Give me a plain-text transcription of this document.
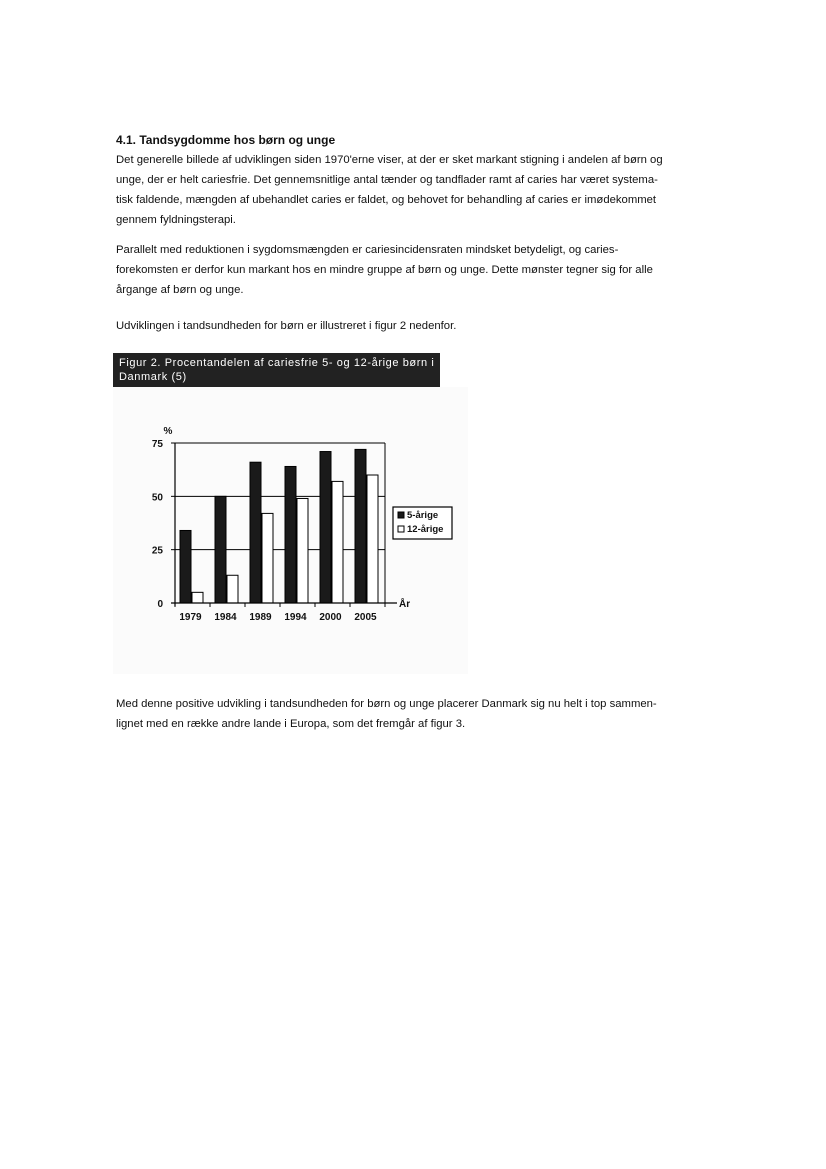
4.1. Tandsygdomme hos børn og unge

Det generelle billede af udviklingen siden 1970'erne viser, at der er sket markant stigning i andelen af børn og
unge, der er helt cariesfrie. Det gennemsnitlige antal tænder og tandflader ramt af caries har været systema-
tisk faldende, mængden af ubehandlet caries er faldet, og behovet for behandling af caries er imødekommet
gennem fyldningsterapi.

Parallelt med reduktionen i sygdomsmængden er cariesincidensraten mindsket betydeligt, og caries-
forekomsten er derfor kun markant hos en mindre gruppe af børn og unge. Dette mønster tegner sig for alle
årgange af børn og unge.

Udviklingen i tandsundheden for børn er illustreret i figur 2 nedenfor.

Figur 2. Procentandelen af cariesfrie 5- og 12-årige børn i
Danmark (5)
1979 1984 1989 1994 2000 2005
0
25
50
75
%
År
5-årige
12-årige

Med denne positive udvikling i tandsundheden for børn og unge placerer Danmark sig nu helt i top sammen-
lignet med en række andre lande i Europa, som det fremgår af figur 3.
